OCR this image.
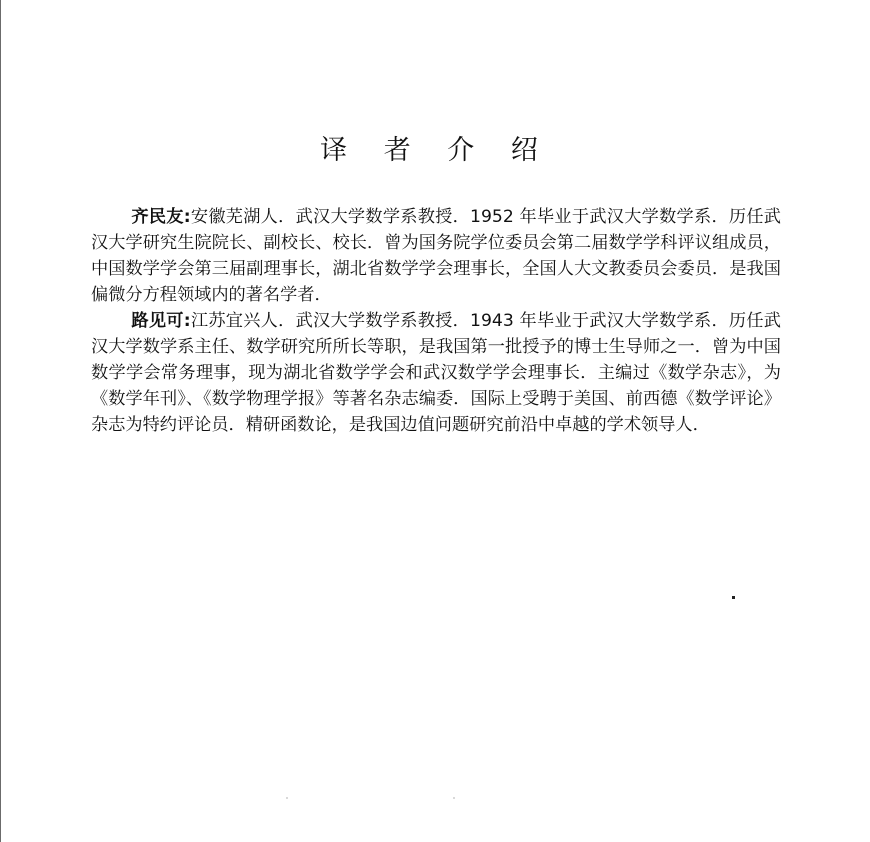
译 者 介 绍

齐民友:安徽芜湖人．武汉大学数学系教授．1952 年毕业于武汉大学数学系．历任武汉大学研究生院院长、副校长、校长．曾为国务院学位委员会第二届数学学科评议组成员，中国数学学会第三届副理事长，湖北省数学学会理事长，全国人大文教委员会委员．是我国偏微分方程领域内的著名学者．

路见可:江苏宜兴人．武汉大学数学系教授．1943 年毕业于武汉大学数学系．历任武汉大学数学系主任、数学研究所所长等职，是我国第一批授予的博士生导师之一．曾为中国数学学会常务理事，现为湖北省数学学会和武汉数学学会理事长．主编过《数学杂志》，为《数学年刊》、《数学物理学报》等著名杂志编委．国际上受聘于美国、前西德《数学评论》杂志为特约评论员．精研函数论，是我国边值问题研究前沿中卓越的学术领导人．
